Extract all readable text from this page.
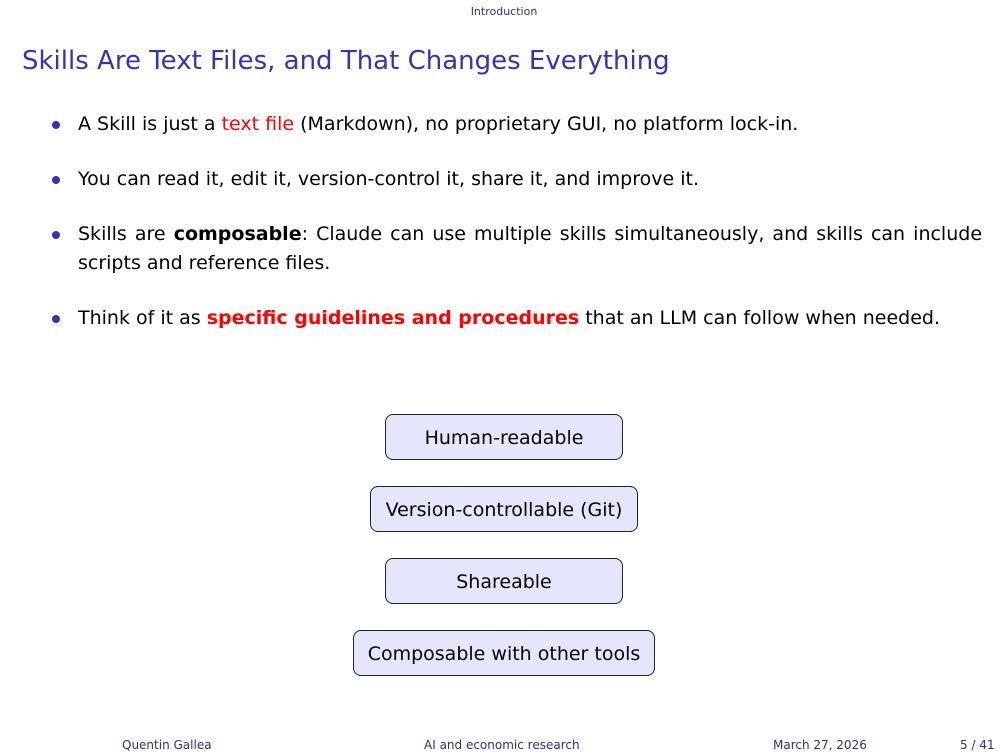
Introduction
Skills Are Text Files, and That Changes Everything
A Skill is just a text file (Markdown), no proprietary GUI, no platform lock-in.
You can read it, edit it, version-control it, share it, and improve it.
Skills are composable: Claude can use multiple skills simultaneously, and skills can include scripts and reference files.
Think of it as specific guidelines and procedures that an LLM can follow when needed.
Human-readable
Version-controllable (Git)
Shareable
Composable with other tools
Quentin Gallea	AI and economic research	March 27, 2026	5 / 41
